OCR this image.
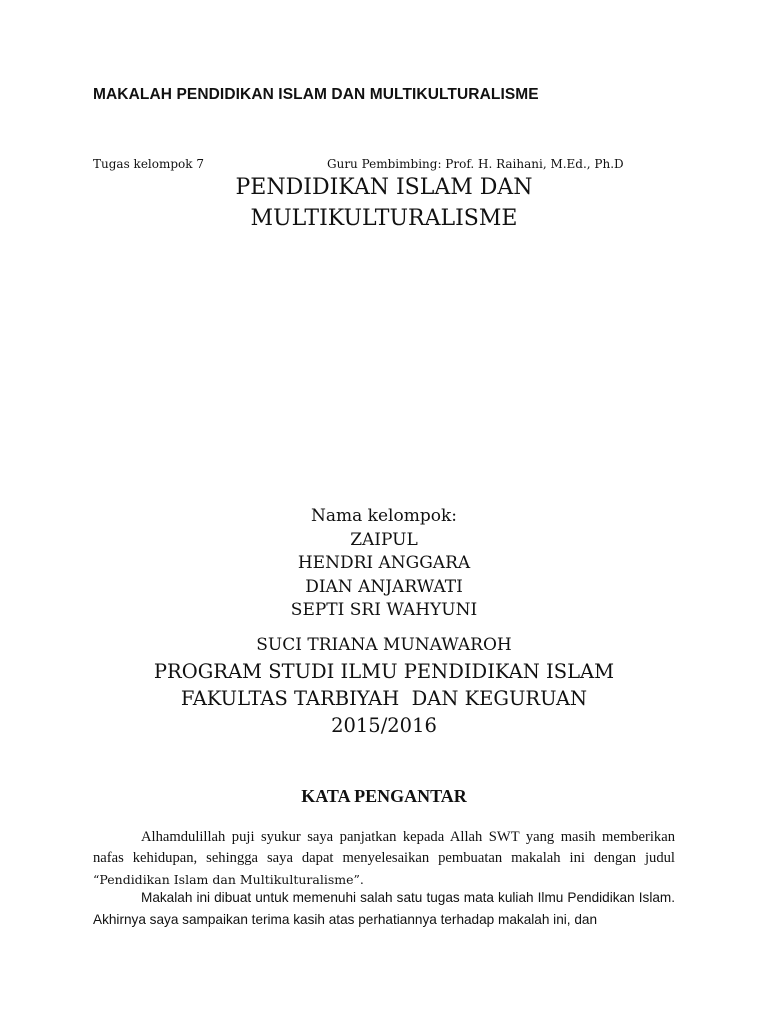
MAKALAH PENDIDIKAN ISLAM DAN MULTIKULTURALISME
Tugas kelompok 7	Guru Pembimbing: Prof. H. Raihani, M.Ed., Ph.D
PENDIDIKAN ISLAM DAN
MULTIKULTURALISME
Nama kelompok:
ZAIPUL
HENDRI ANGGARA
DIAN ANJARWATI
SEPTI SRI WAHYUNI
SUCI TRIANA MUNAWAROH
PROGRAM STUDI ILMU PENDIDIKAN ISLAM
FAKULTAS TARBIYAH  DAN KEGURUAN
2015/2016
KATA PENGANTAR

Alhamdulillah puji syukur saya panjatkan kepada Allah SWT yang masih memberikan nafas kehidupan, sehingga saya dapat menyelesaikan pembuatan makalah ini dengan judul “Pendidikan Islam dan Multikulturalisme”.

Makalah ini dibuat untuk memenuhi salah satu tugas mata kuliah Ilmu Pendidikan Islam. Akhirnya saya sampaikan terima kasih atas perhatiannya terhadap makalah ini, dan
